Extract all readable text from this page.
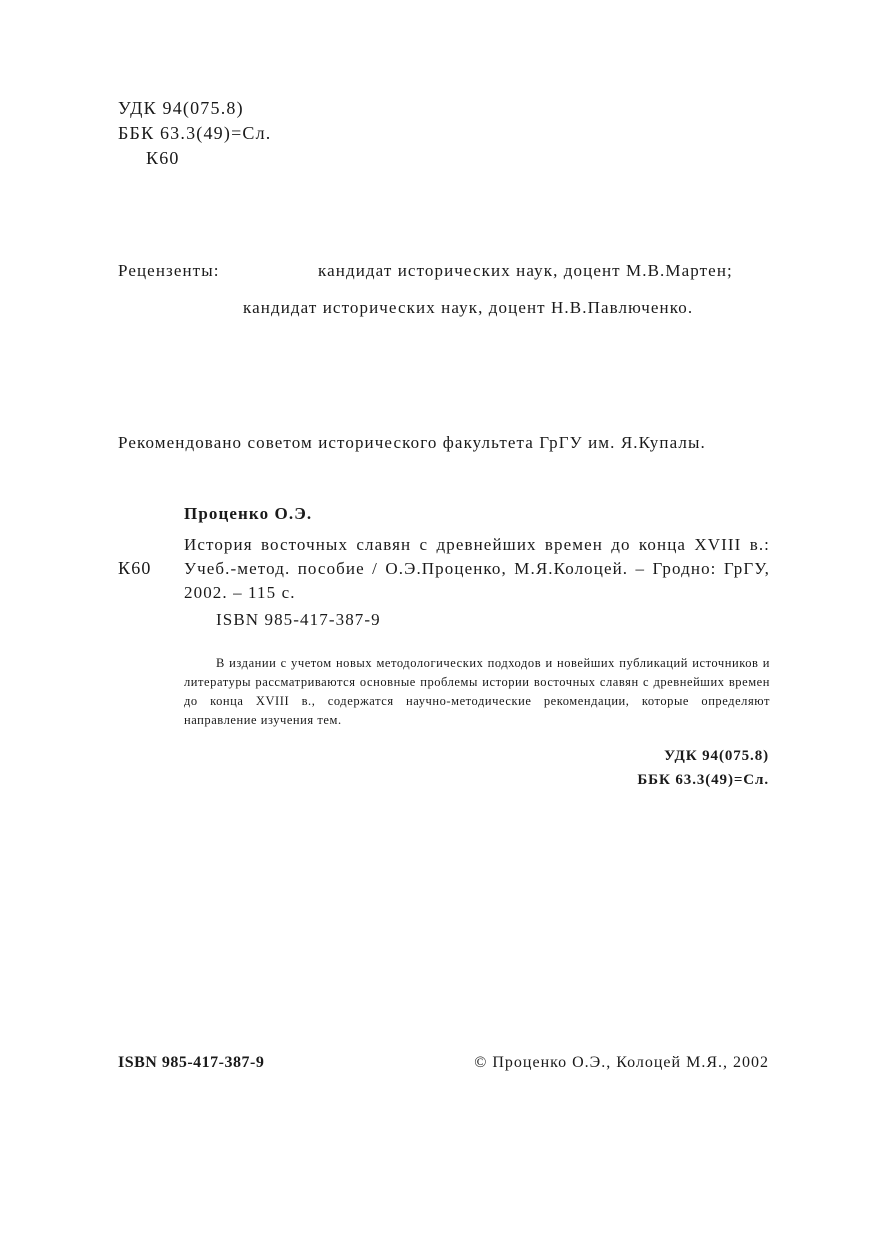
УДК 94(075.8)
ББК 63.3(49)=Сл.
К60
Рецензенты:	кандидат исторических наук, доцент М.В.Мартен;
кандидат исторических наук, доцент Н.В.Павлюченко.
Рекомендовано советом исторического факультета ГрГУ им. Я.Купалы.
Проценко О.Э.
К60
История восточных славян с древнейших времен до конца XVIII в.: Учеб.-метод. пособие / О.Э.Проценко, М.Я.Колоцей. – Гродно: ГрГУ, 2002. – 115 с.
ISBN 985-417-387-9
В издании с учетом новых методологических подходов и новейших публикаций источников и литературы рассматриваются основные проблемы истории восточных славян с древнейших времен до конца XVIII в., содержатся научно-методические рекомендации, которые определяют направление изучения тем.
УДК 94(075.8)
ББК 63.3(49)=Сл.
ISBN 985-417-387-9	© Проценко О.Э., Колоцей М.Я., 2002
